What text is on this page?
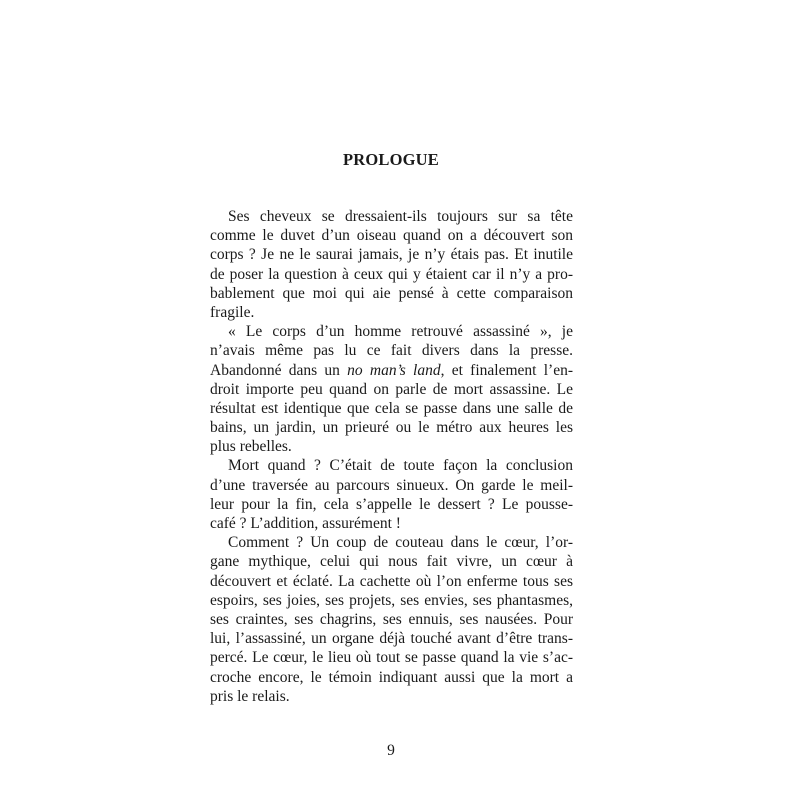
PROLOGUE
Ses cheveux se dressaient-ils toujours sur sa tête
comme le duvet d’un oiseau quand on a découvert son
corps ? Je ne le saurai jamais, je n’y étais pas. Et inutile
de poser la question à ceux qui y étaient car il n’y a pro-
bablement que moi qui aie pensé à cette comparaison
fragile.
« Le corps d’un homme retrouvé assassiné », je
n’avais même pas lu ce fait divers dans la presse.
Abandonné dans un no man’s land, et finalement l’en-
droit importe peu quand on parle de mort assassine. Le
résultat est identique que cela se passe dans une salle de
bains, un jardin, un prieuré ou le métro aux heures les
plus rebelles.
Mort quand ? C’était de toute façon la conclusion
d’une traversée au parcours sinueux. On garde le meil-
leur pour la fin, cela s’appelle le dessert ? Le pousse-
café ? L’addition, assurément !
Comment ? Un coup de couteau dans le cœur, l’or-
gane mythique, celui qui nous fait vivre, un cœur à
découvert et éclaté. La cachette où l’on enferme tous ses
espoirs, ses joies, ses projets, ses envies, ses phantasmes,
ses craintes, ses chagrins, ses ennuis, ses nausées. Pour
lui, l’assassiné, un organe déjà touché avant d’être trans-
percé. Le cœur, le lieu où tout se passe quand la vie s’ac-
croche encore, le témoin indiquant aussi que la mort a
pris le relais.
9
